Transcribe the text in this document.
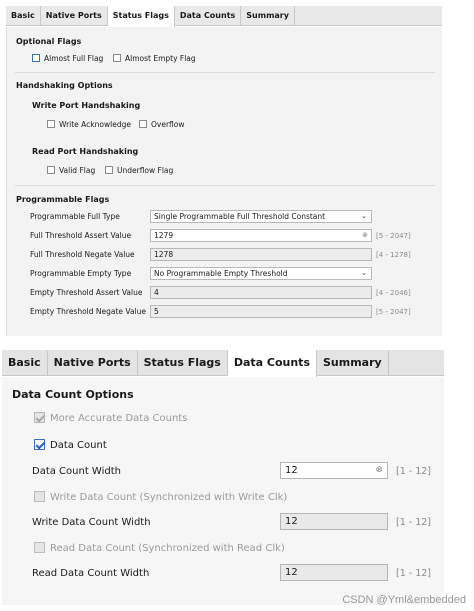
Basic	Native Ports	Status Flags	Data Counts	Summary
Optional Flags
Almost Full Flag	Almost Empty Flag
Handshaking Options
Write Port Handshaking
Write Acknowledge	Overflow
Read Port Handshaking
Valid Flag	Underflow Flag
Programmable Flags
Programmable Full Type	Single Programmable Full Threshold Constant	⌄
Full Threshold Assert Value	1279	⊗ [5 - 2047]
Full Threshold Negate Value	1278	[4 - 1278]
Programmable Empty Type	No Programmable Empty Threshold	⌄
Empty Threshold Assert Value	4	[4 - 2046]
Empty Threshold Negate Value	5	[5 - 2047]
Basic	Native Ports	Status Flags	Data Counts	Summary
Data Count Options
More Accurate Data Counts
Data Count
Data Count Width	12	⊗ [1 - 12]
Write Data Count (Synchronized with Write Clk)
Write Data Count Width	12	[1 - 12]
Read Data Count (Synchronized with Read Clk)
Read Data Count Width	12	[1 - 12]
CSDN @Yml&embedded
